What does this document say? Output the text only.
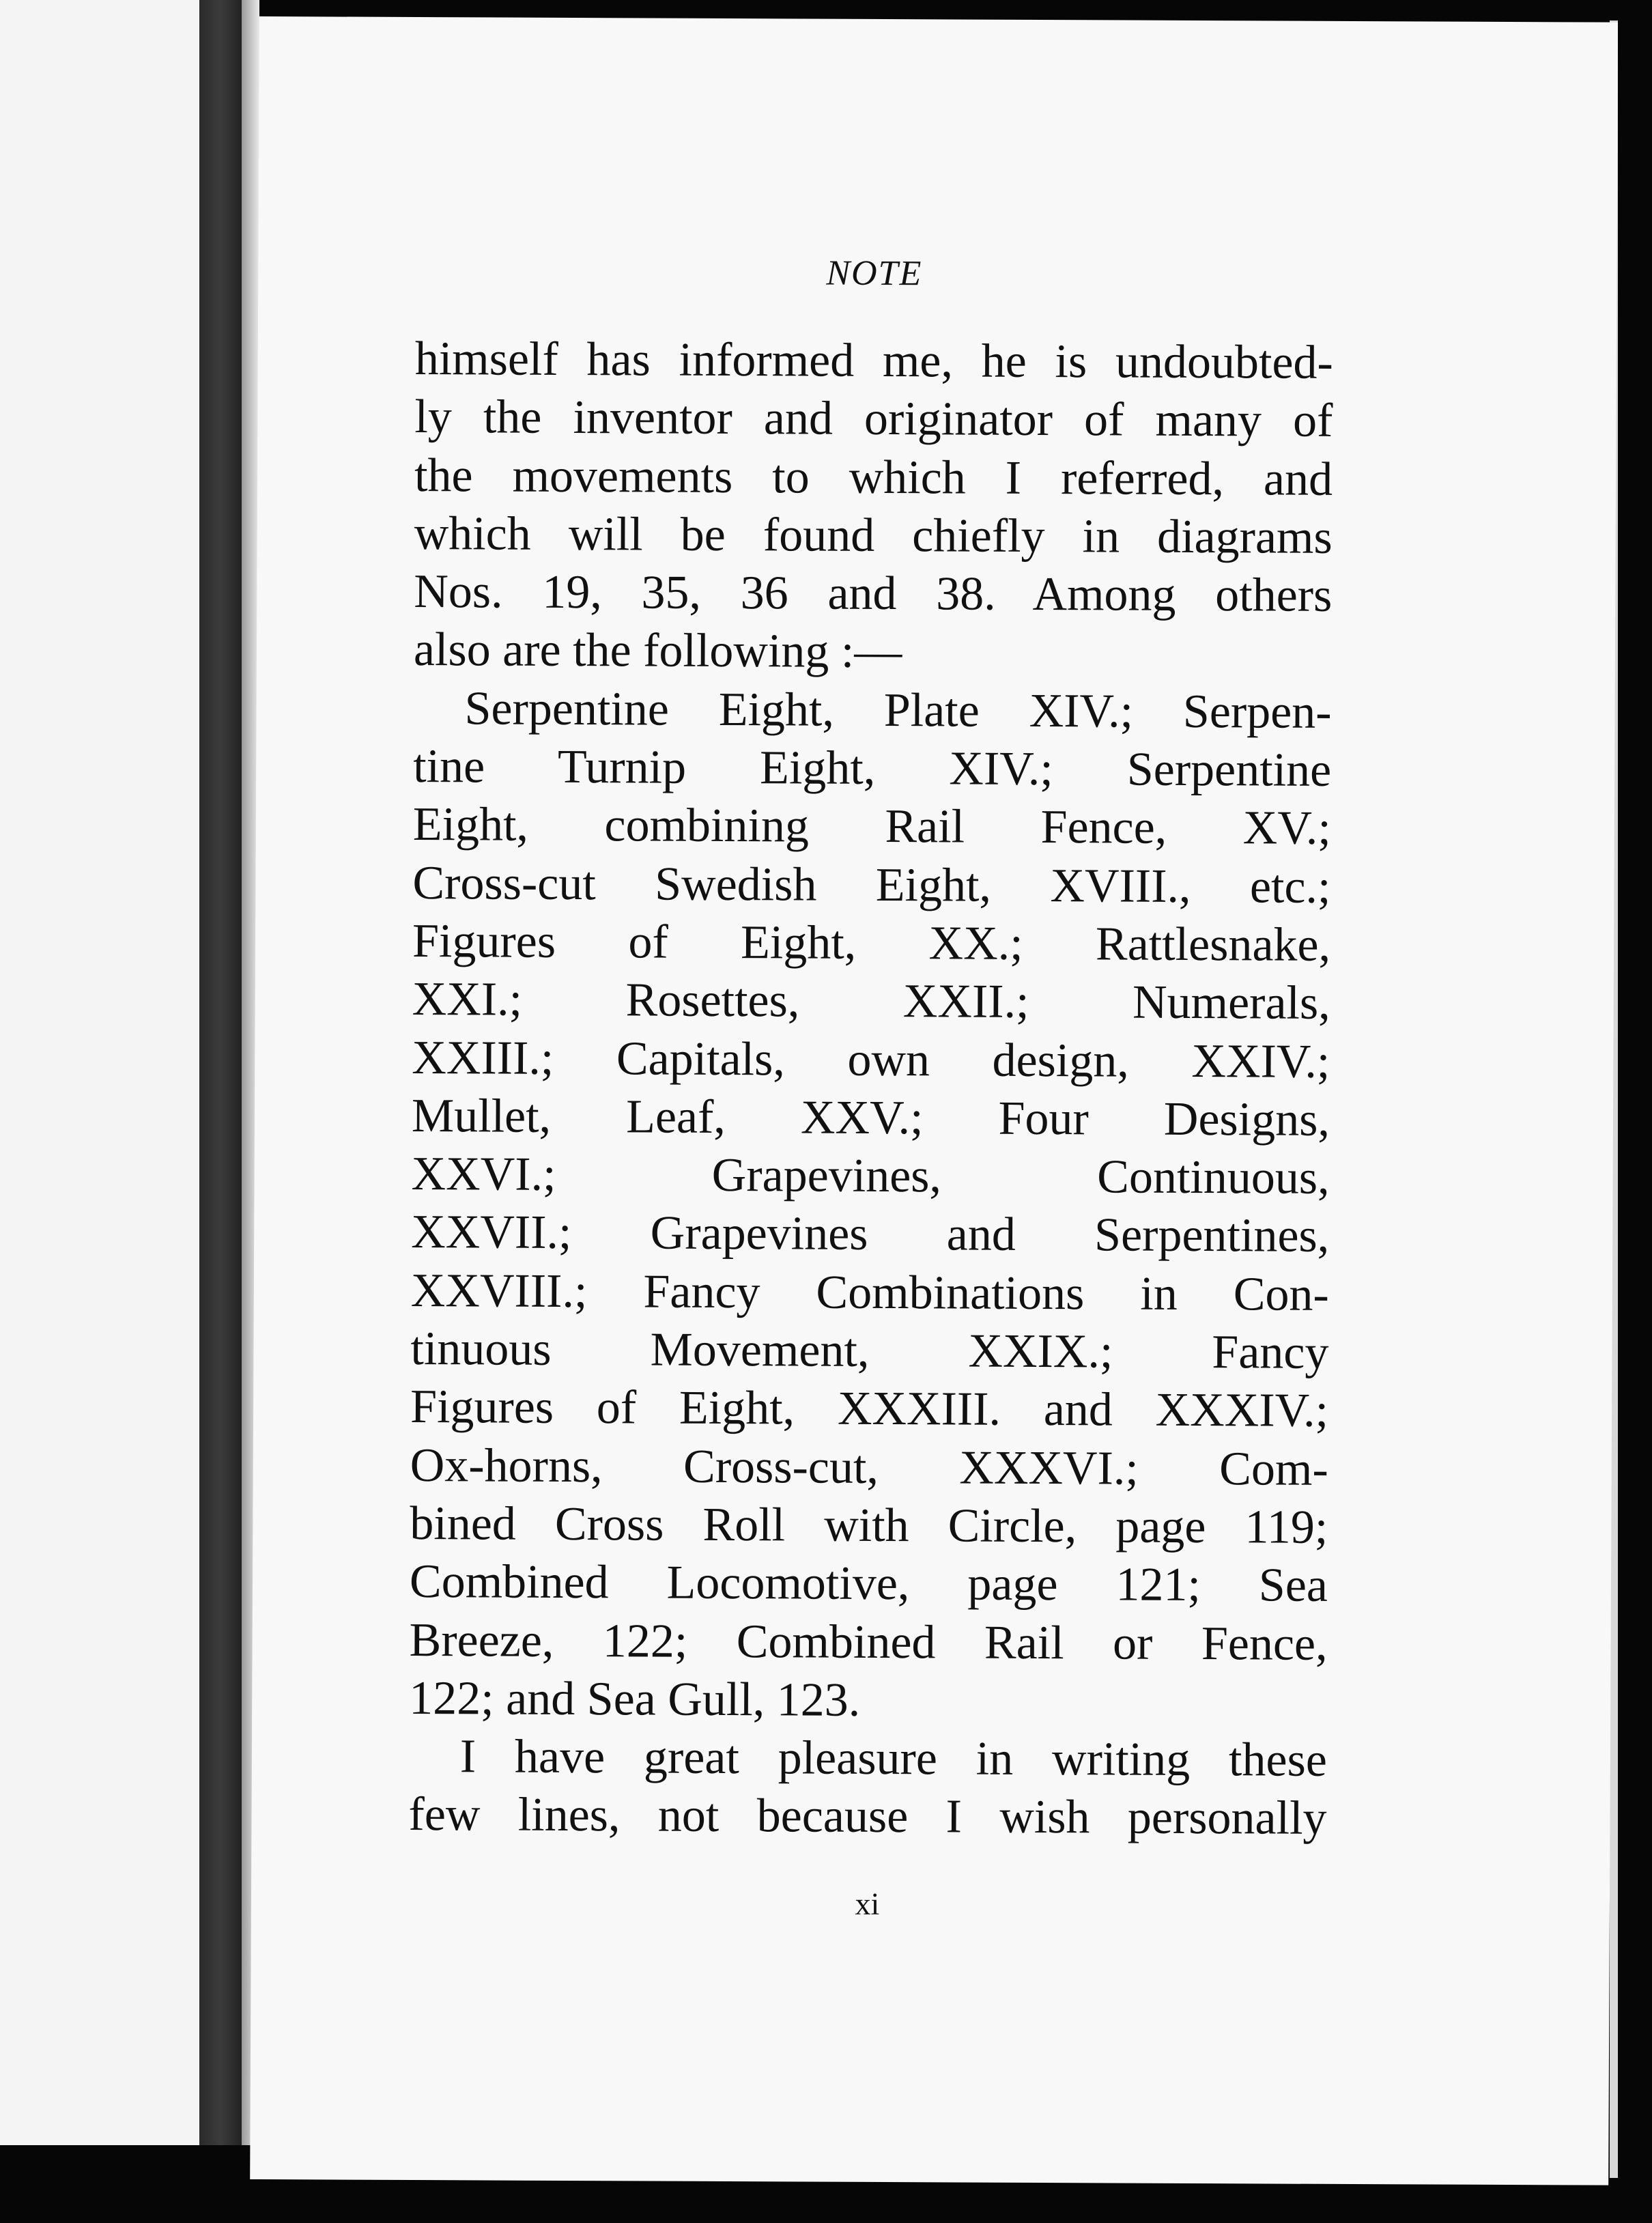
NOTE
himself has informed me, he is undoubted-
ly the inventor and originator of many of
the movements to which I referred, and
which will be found chiefly in diagrams
Nos. 19, 35, 36 and 38. Among others
also are the following :—
Serpentine Eight, Plate XIV.; Serpen-
tine Turnip Eight, XIV.; Serpentine
Eight, combining Rail Fence, XV.;
Cross-cut Swedish Eight, XVIII., etc.;
Figures of Eight, XX.; Rattlesnake,
XXI.; Rosettes, XXII.; Numerals,
XXIII.; Capitals, own design, XXIV.;
Mullet, Leaf, XXV.; Four Designs,
XXVI.; Grapevines, Continuous,
XXVII.; Grapevines and Serpentines,
XXVIII.; Fancy Combinations in Con-
tinuous Movement, XXIX.; Fancy
Figures of Eight, XXXIII. and XXXIV.;
Ox-horns, Cross-cut, XXXVI.; Com-
bined Cross Roll with Circle, page 119;
Combined Locomotive, page 121; Sea
Breeze, 122; Combined Rail or Fence,
122; and Sea Gull, 123.
I have great pleasure in writing these
few lines, not because I wish personally
xi
